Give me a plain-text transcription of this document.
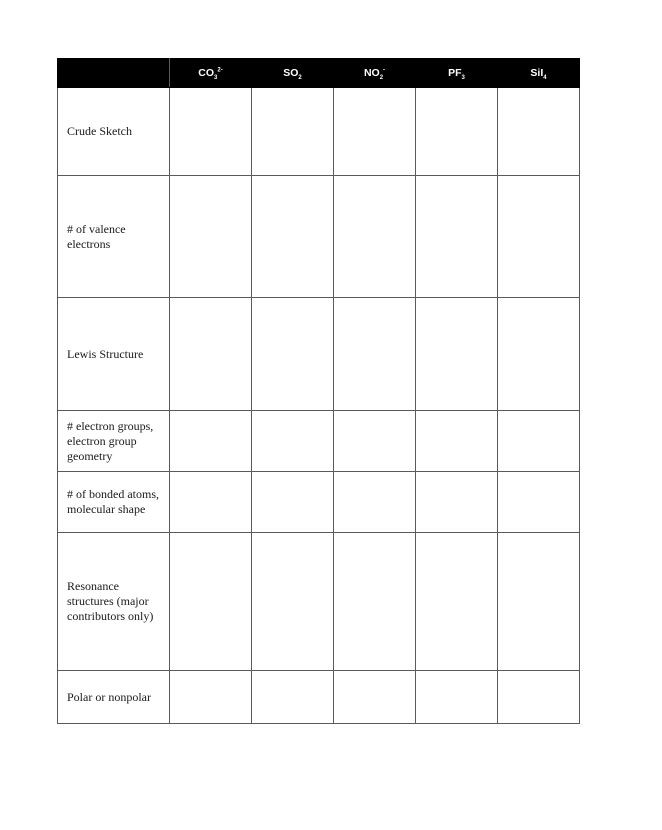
	$CO_3^{2-}$	$SO_2$	$NO_2^-$	$PF_3$	SiI$_4$
Crude Sketch					
# of valence electrons					
Lewis Structure					
# electron groups, electron group geometry					
# of bonded atoms, molecular shape					
Resonance structures (major contributors only)					
Polar or nonpolar					
